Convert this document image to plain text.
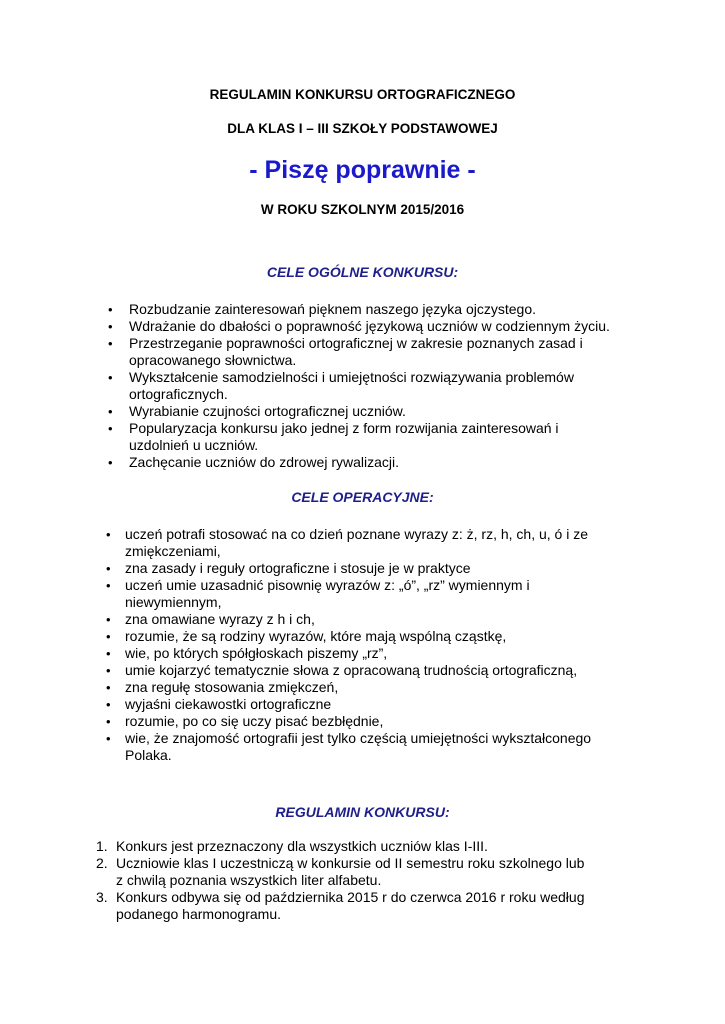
REGULAMIN KONKURSU ORTOGRAFICZNEGO
DLA KLAS I – III SZKOŁY PODSTAWOWEJ
- Piszę poprawnie -
W ROKU SZKOLNYM 2015/2016
CELE OGÓLNE KONKURSU:
• Rozbudzanie zainteresowań pięknem naszego języka ojczystego.
• Wdrażanie do dbałości o poprawność językową uczniów w codziennym życiu.
• Przestrzeganie poprawności ortograficznej w zakresie poznanych zasad i
opracowanego słownictwa.
• Wykształcenie samodzielności i umiejętności rozwiązywania problemów
ortograficznych.
• Wyrabianie czujności ortograficznej uczniów.
• Popularyzacja konkursu jako jednej z form rozwijania zainteresowań i
uzdolnień u uczniów.
• Zachęcanie uczniów do zdrowej rywalizacji.
CELE OPERACYJNE:
• uczeń potrafi stosować na co dzień poznane wyrazy z: ż, rz, h, ch, u, ó i ze
zmiękczeniami,
• zna zasady i reguły ortograficzne i stosuje je w praktyce
• uczeń umie uzasadnić pisownię wyrazów z: „ó”, „rz” wymiennym i
niewymiennym,
• zna omawiane wyrazy z h i ch,
• rozumie, że są rodziny wyrazów, które mają wspólną cząstkę,
• wie, po których spółgłoskach piszemy „rz”,
• umie kojarzyć tematycznie słowa z opracowaną trudnością ortograficzną,
• zna regułę stosowania zmiękczeń,
• wyjaśni ciekawostki ortograficzne
• rozumie, po co się uczy pisać bezbłędnie,
• wie, że znajomość ortografii jest tylko częścią umiejętności wykształconego
Polaka.
REGULAMIN KONKURSU:
1. Konkurs jest przeznaczony dla wszystkich uczniów klas I-III.
2. Uczniowie klas I uczestniczą w konkursie od II semestru roku szkolnego lub
z chwilą poznania wszystkich liter alfabetu.
3. Konkurs odbywa się od października 2015 r do czerwca 2016 r roku według
podanego harmonogramu.
